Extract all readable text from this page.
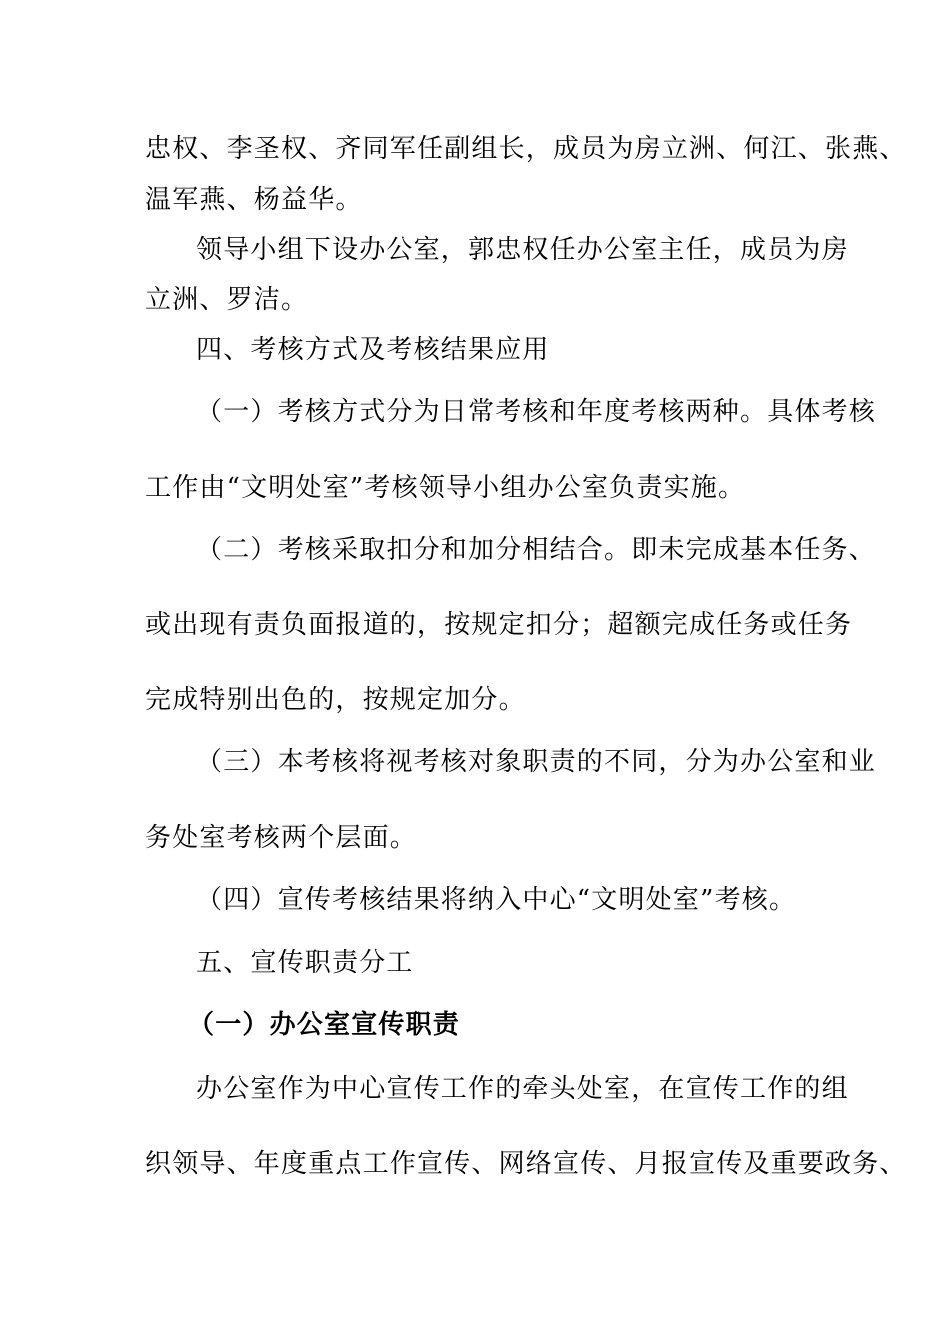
忠权、李圣权、齐同军任副组长，成员为房立洲、何江、张燕、
温军燕、杨益华。
领导小组下设办公室，郭忠权任办公室主任，成员为房
立洲、罗洁。
四、考核方式及考核结果应用
（一）考核方式分为日常考核和年度考核两种。具体考核
工作由“文明处室”考核领导小组办公室负责实施。
（二）考核采取扣分和加分相结合。即未完成基本任务、
或出现有责负面报道的，按规定扣分；超额完成任务或任务
完成特别出色的，按规定加分。
（三）本考核将视考核对象职责的不同，分为办公室和业
务处室考核两个层面。
（四）宣传考核结果将纳入中心“文明处室”考核。
五、宣传职责分工
（一）办公室宣传职责
办公室作为中心宣传工作的牵头处室，在宣传工作的组
织领导、年度重点工作宣传、网络宣传、月报宣传及重要政务、
